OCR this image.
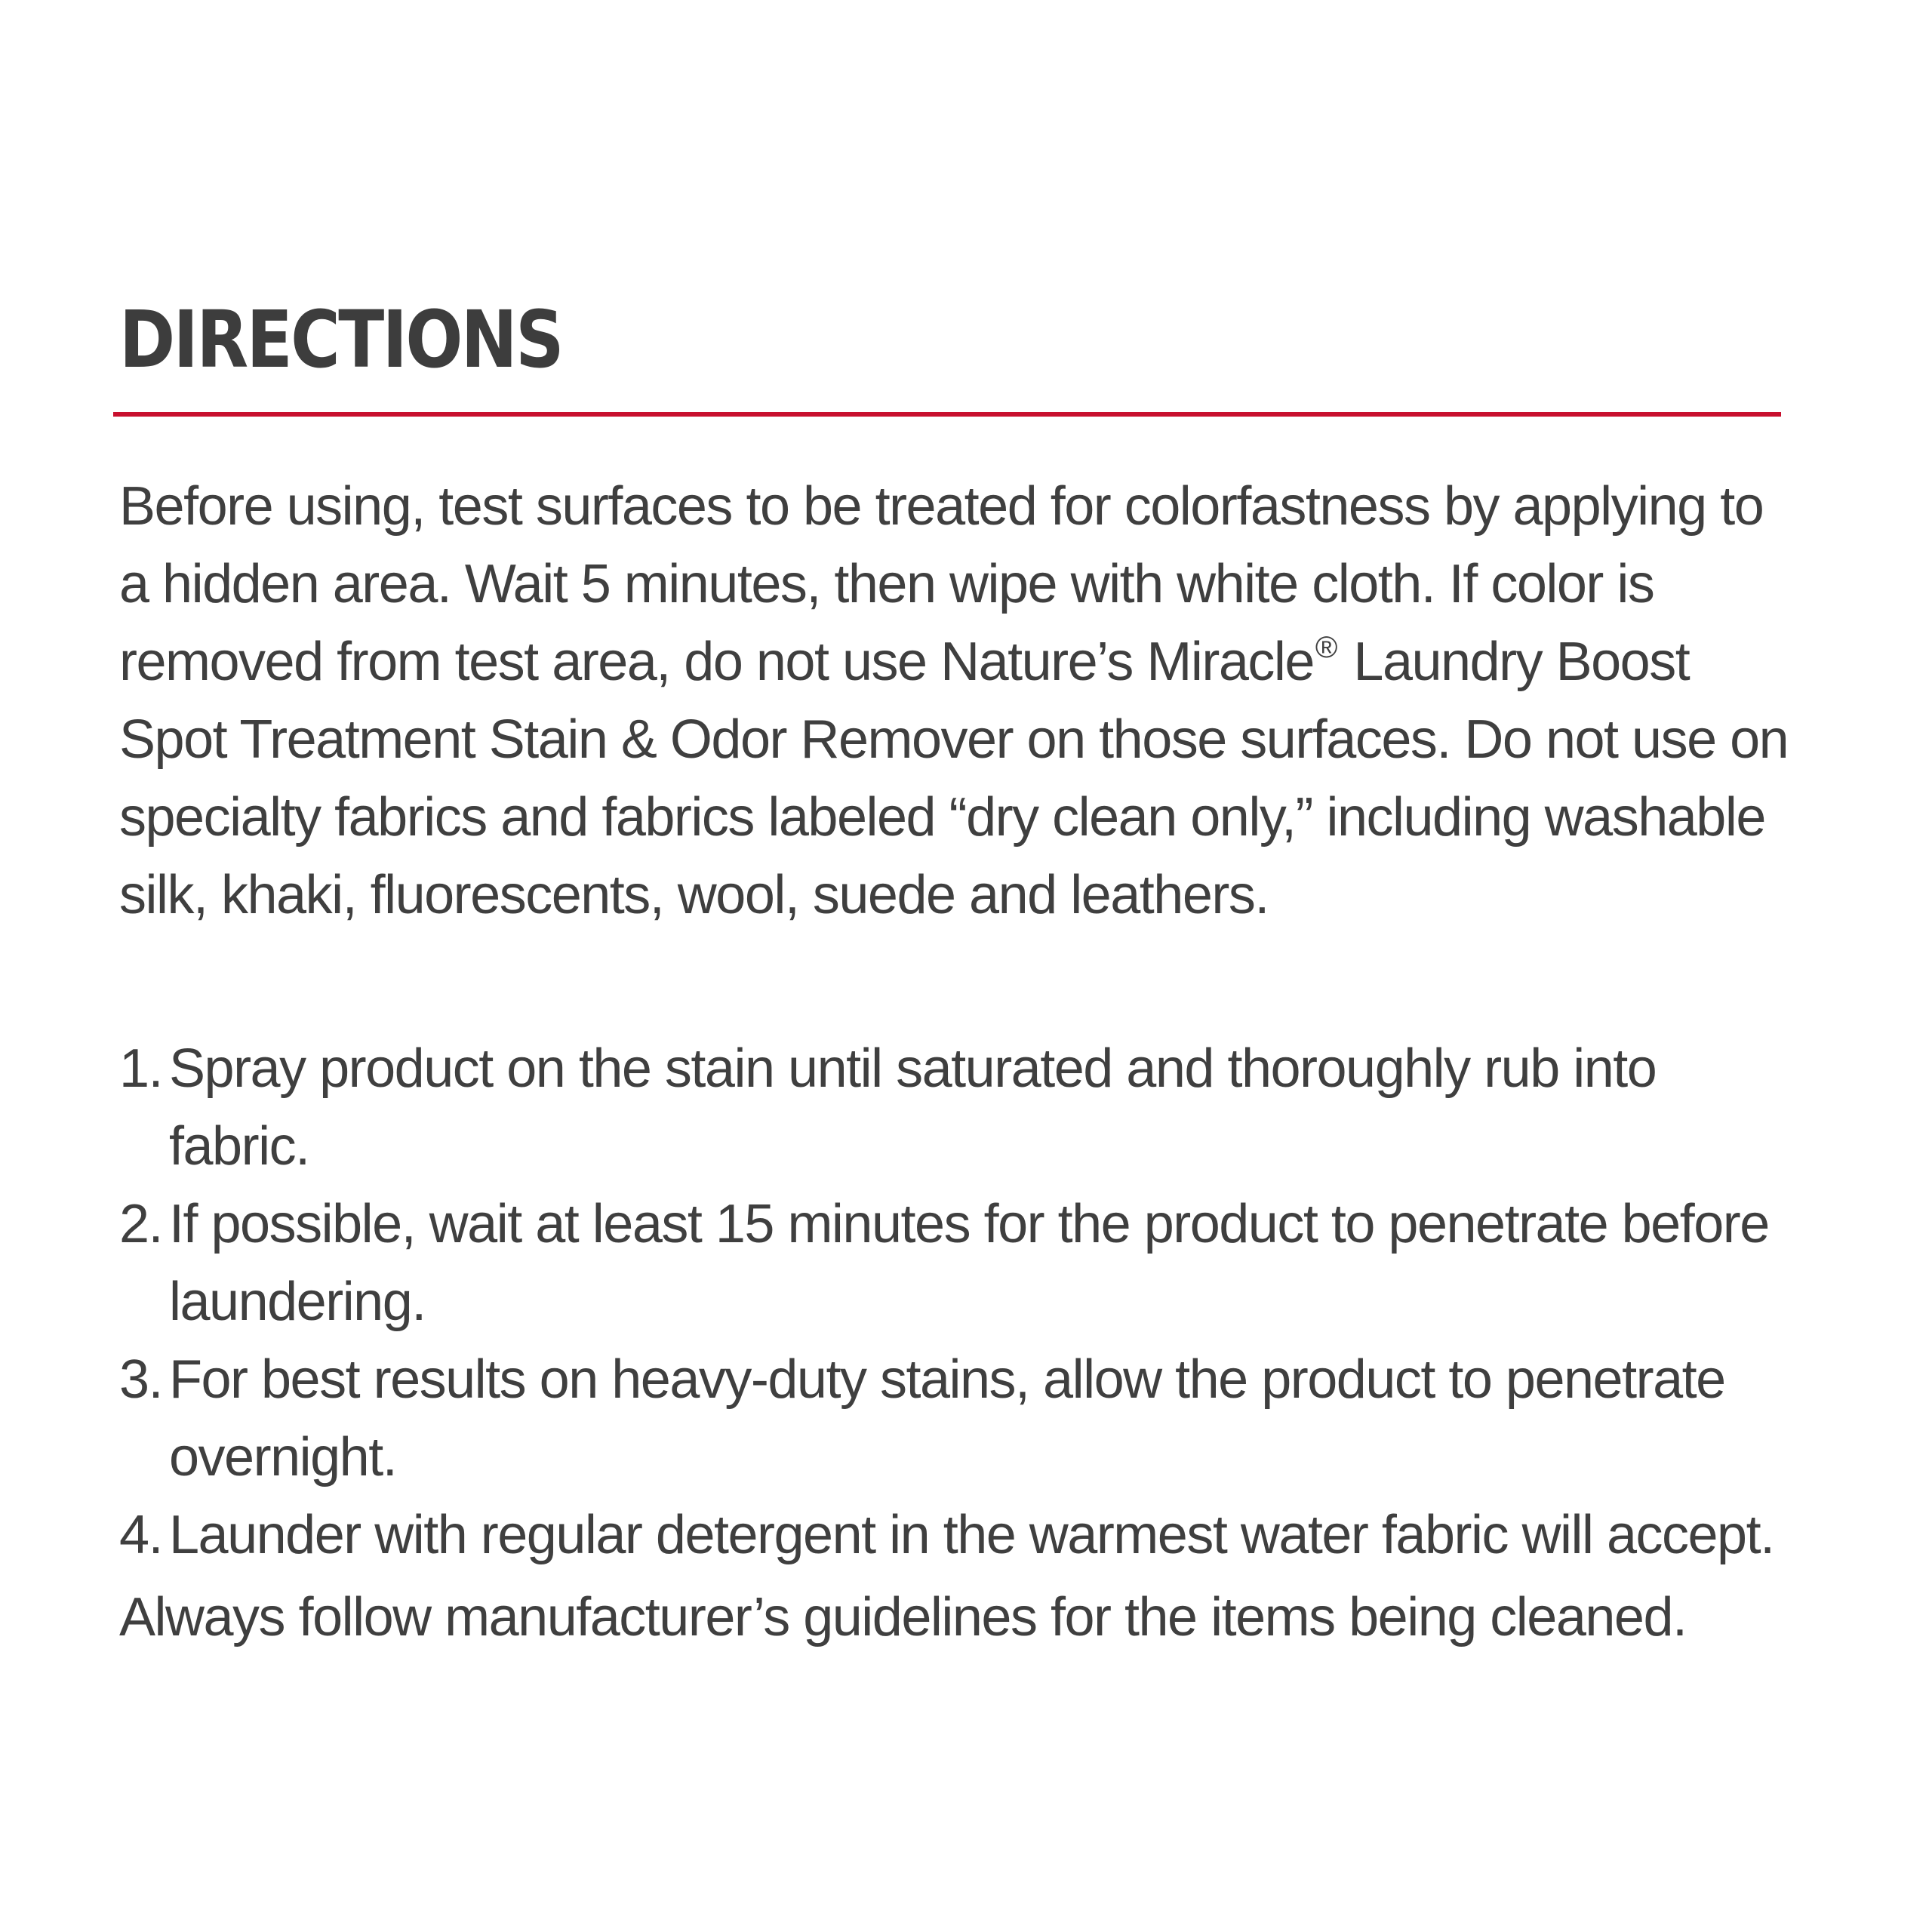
DIRECTIONS

Before using, test surfaces to be treated for colorfastness by applying to a hidden area. Wait 5 minutes, then wipe with white cloth. If color is removed from test area, do not use Nature’s Miracle® Laundry Boost Spot Treatment Stain & Odor Remover on those surfaces. Do not use on specialty fabrics and fabrics labeled “dry clean only,” including washable silk, khaki, fluorescents, wool, suede and leathers.

1. Spray product on the stain until saturated and thoroughly rub into fabric.
2. If possible, wait at least 15 minutes for the product to penetrate before laundering.
3. For best results on heavy-duty stains, allow the product to penetrate overnight.
4. Launder with regular detergent in the warmest water fabric will accept.

Always follow manufacturer’s guidelines for the items being cleaned.
